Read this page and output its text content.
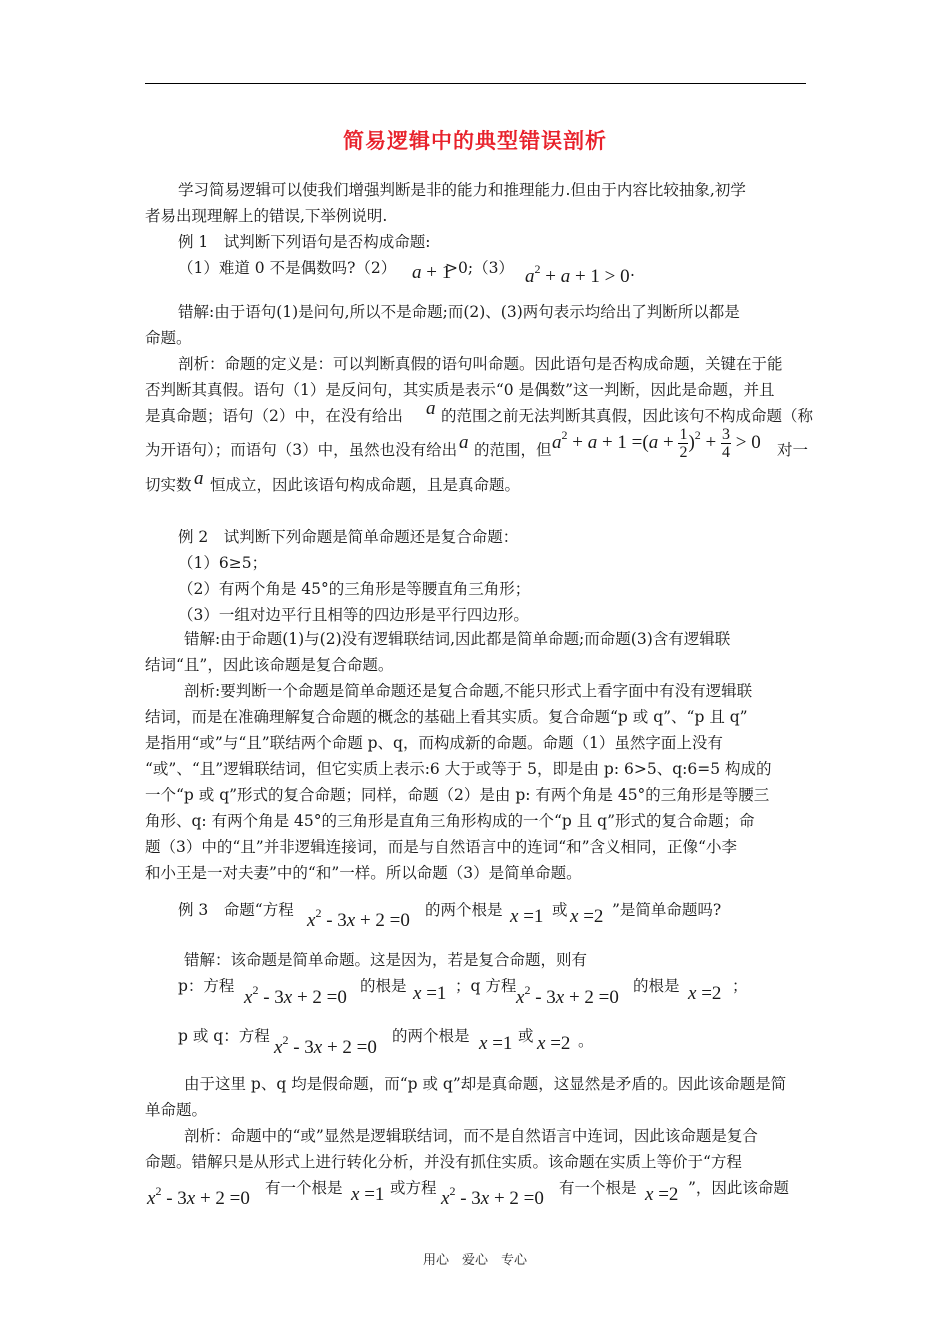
简易逻辑中的典型错误剖析
学习简易逻辑可以使我们增强判断是非的能力和推理能力.但由于内容比较抽象,初学
者易出现理解上的错误,下举例说明.
例 1　试判断下列语句是否构成命题:
（1）难道 0 不是偶数吗?（2） a + 1
>0;（3） $a^2 + a + 1 > 0$ .
错解:由于语句(1)是问句,所以不是命题;而(2)、(3)两句表示均给出了判断所以都是
命题。
剖析：命题的定义是：可以判断真假的语句叫命题。因此语句是否构成命题，关键在于能
否判断其真假。语句（1）是反问句，其实质是表示“0 是偶数”这一判断，因此是命题，并且
是真命题；语句（2）中，在没有给出 a 的范围之前无法判断其真假，因此该句不构成命题（称
为开语句）；而语句（3）中，虽然也没有给出 a 的范围，但 $a^2 + a + 1 =(a + \frac{1}{2} )^2 + \frac{3}{4} > 0$ 对一
切实数 a 恒成立，因此该语句构成命题，且是真命题。
例 2　试判断下列命题是简单命题还是复合命题：
（1）6≥5；
（2）有两个角是 45°的三角形是等腰直角三角形；
（3）一组对边平行且相等的四边形是平行四边形。
错解:由于命题(1)与(2)没有逻辑联结词,因此都是简单命题;而命题(3)含有逻辑联
结词“且”，因此该命题是复合命题。
剖析:要判断一个命题是简单命题还是复合命题,不能只形式上看字面中有没有逻辑联
结词，而是在准确理解复合命题的概念的基础上看其实质。复合命题“p 或 q”、“p 且 q”
是指用“或”与“且”联结两个命题 p、q，而构成新的命题。命题（1）虽然字面上没有
“或”、“且”逻辑联结词，但它实质上表示:6 大于或等于 5，即是由 p: 6>5、q:6=5 构成的
一个“p 或 q”形式的复合命题；同样，命题（2）是由 p: 有两个角是 45°的三角形是等腰三
角形、q: 有两个角是 45°的三角形是直角三角形构成的一个“p 且 q”形式的复合命题；命
题（3）中的“且”并非逻辑连接词，而是与自然语言中的连词“和”含义相同，正像“小李
和小王是一对夫妻”中的“和”一样。所以命题（3）是简单命题。
例 3　命题“方程 $x^2 - 3x + 2 =0$ 的两个根是 x =1 或 x =2 ”是简单命题吗?
错解：该命题是简单命题。这是因为，若是复合命题，则有
p：方程
$x^2 - 3x + 2 =0$
的根是 x =1 ；q 方程
$x^2 - 3x + 2 =0$
的根是 x =2 ；
p 或 q：方程
$x^2 - 3x + 2 =0$
的两个根是 x =1 或 x =2 。
由于这里 p、q 均是假命题，而“p 或 q”却是真命题，这显然是矛盾的。因此该命题是简
单命题。
剖析：命题中的“或”显然是逻辑联结词，而不是自然语言中连词，因此该命题是复合
命题。错解只是从形式上进行转化分析，并没有抓住实质。该命题在实质上等价于“方程
$x^2 - 3x + 2 =0$ 有一个根是 x =1 或方程 $x^2 - 3x + 2 =0$ 有一个根是 x =2 ”，因此该命题
用心　爱心　专心
